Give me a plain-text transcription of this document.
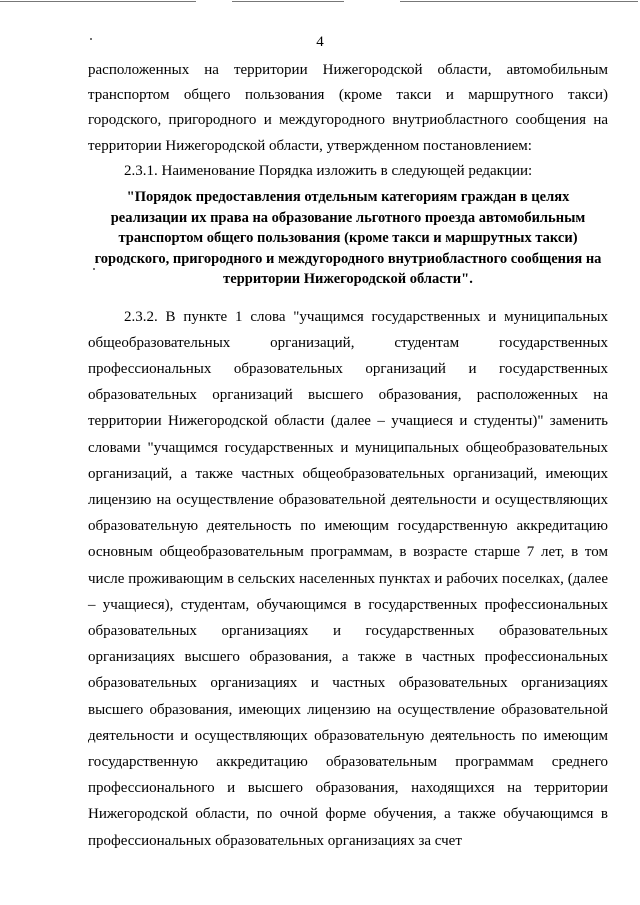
4

расположенных на территории Нижегородской области, автомобильным транспортом общего пользования (кроме такси и маршрутного такси) городского, пригородного и междугородного внутриобластного сообщения на территории Нижегородской области, утвержденном постановлением:

2.3.1. Наименование Порядка изложить в следующей редакции:

"Порядок предоставления отдельным категориям граждан в целях реализации их права на образование льготного проезда автомобильным транспортом общего пользования (кроме такси и маршрутных такси) городского, пригородного и междугородного внутриобластного сообщения на территории Нижегородской области".

2.3.2. В пункте 1 слова "учащимся государственных и муниципальных общеобразовательных организаций, студентам государственных профессиональных образовательных организаций и государственных образовательных организаций высшего образования, расположенных на территории Нижегородской области (далее – учащиеся и студенты)" заменить словами "учащимся государственных и муниципальных общеобразовательных организаций, а также частных общеобразовательных организаций, имеющих лицензию на осуществление образовательной деятельности и осуществляющих образовательную деятельность по имеющим государственную аккредитацию основным общеобразовательным программам, в возрасте старше 7 лет, в том числе проживающим в сельских населенных пунктах и рабочих поселках, (далее – учащиеся), студентам, обучающимся в государственных профессиональных образовательных организациях и государственных образовательных организациях высшего образования, а также в частных профессиональных образовательных организациях и частных образовательных организациях высшего образования, имеющих лицензию на осуществление образовательной деятельности и осуществляющих образовательную деятельность по имеющим государственную аккредитацию образовательным программам среднего профессионального и высшего образования, находящихся на территории Нижегородской области, по очной форме обучения, а также обучающимся в профессиональных образовательных организациях за счет
